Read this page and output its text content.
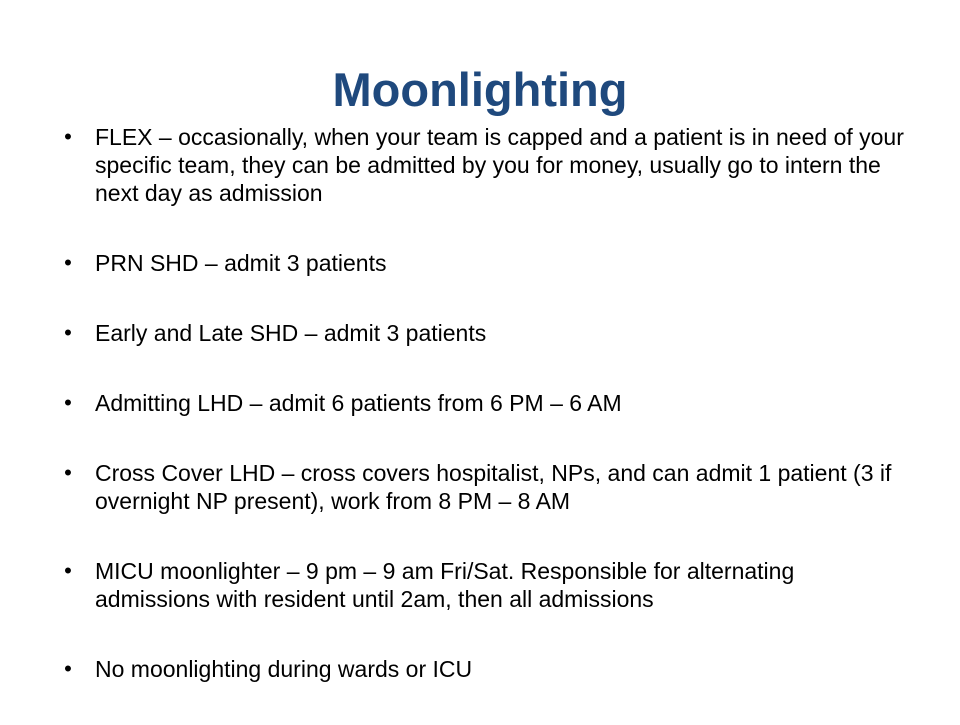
Moonlighting
• FLEX – occasionally, when your team is capped and a patient is in need of your specific team, they can be admitted by you for money, usually go to intern the next day as admission
• PRN SHD – admit 3 patients
• Early and Late SHD – admit 3 patients
• Admitting LHD – admit 6 patients from 6 PM – 6 AM
• Cross Cover LHD – cross covers hospitalist, NPs, and can admit 1 patient (3 if overnight NP present), work from 8 PM – 8 AM
• MICU moonlighter – 9 pm – 9 am Fri/Sat. Responsible for alternating admissions with resident until 2am, then all admissions
• No moonlighting during wards or ICU
